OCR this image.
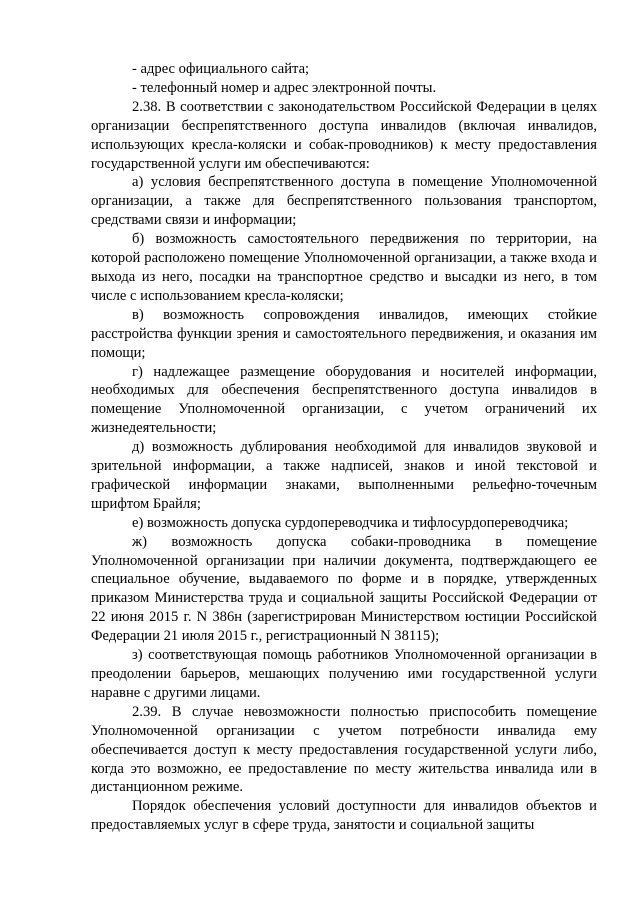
- адрес официального сайта;

- телефонный номер и адрес электронной почты.

2.38. В соответствии с законодательством Российской Федерации в целях организации беспрепятственного доступа инвалидов (включая инвалидов, использующих кресла-коляски и собак-проводников) к месту предоставления государственной услуги им обеспечиваются:

а) условия беспрепятственного доступа в помещение Уполномоченной организации, а также для беспрепятственного пользования транспортом, средствами связи и информации;

б) возможность самостоятельного передвижения по территории, на которой расположено помещение Уполномоченной организации, а также входа и выхода из него, посадки на транспортное средство и высадки из него, в том числе с использованием кресла-коляски;

в) возможность сопровождения инвалидов, имеющих стойкие расстройства функции зрения и самостоятельного передвижения, и оказания им помощи;

г) надлежащее размещение оборудования и носителей информации, необходимых для обеспечения беспрепятственного доступа инвалидов в помещение Уполномоченной организации, с учетом ограничений их жизнедеятельности;

д) возможность дублирования необходимой для инвалидов звуковой и зрительной информации, а также надписей, знаков и иной текстовой и графической информации знаками, выполненными рельефно-точечным шрифтом Брайля;

е) возможность допуска сурдопереводчика и тифлосурдопереводчика;

ж) возможность допуска собаки-проводника в помещение Уполномоченной организации при наличии документа, подтверждающего ее специальное обучение, выдаваемого по форме и в порядке, утвержденных приказом Министерства труда и социальной защиты Российской Федерации от 22 июня 2015 г. N 386н (зарегистрирован Министерством юстиции Российской Федерации 21 июля 2015 г., регистрационный N 38115);

з) соответствующая помощь работников Уполномоченной организации в преодолении барьеров, мешающих получению ими государственной услуги наравне с другими лицами.

2.39. В случае невозможности полностью приспособить помещение Уполномоченной организации с учетом потребности инвалида ему обеспечивается доступ к месту предоставления государственной услуги либо, когда это возможно, ее предоставление по месту жительства инвалида или в дистанционном режиме.

Порядок обеспечения условий доступности для инвалидов объектов и предоставляемых услуг в сфере труда, занятости и социальной защиты
